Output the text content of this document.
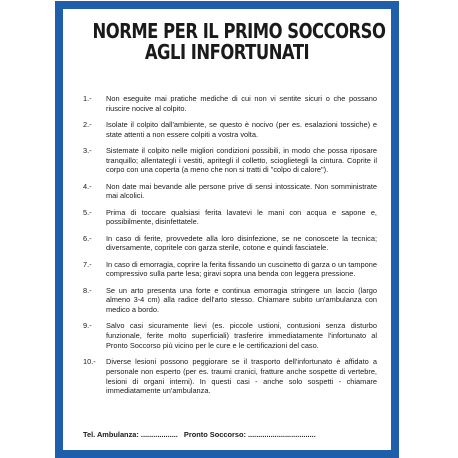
NORME PER IL PRIMO SOCCORSO
AGLI INFORTUNATI
1.-	Non eseguite mai pratiche mediche di cui non vi sentite sicuri o che possano riuscire nocive al colpito.
2.-	Isolate il colpito dall'ambiente, se questo è nocivo (per es. esalazioni tossiche) e state attenti a non essere colpiti a vostra volta.
3.-	Sistemate il colpito nelle migliori condizioni possibili, in modo che possa riposare tranquillo; allentategli i vestiti, apritegli il colletto, scioglietegli la cintura. Coprite il corpo con una coperta (a meno che non si tratti di "colpo di calore").
4.-	Non date mai bevande alle persone prive di sensi intossicate. Non somministrate mai alcolici.
5.-	Prima di toccare qualsiasi ferita lavatevi le mani con acqua e sapone e, possibilmente, disinfettatele.
6.-	In caso di ferite, provvedete alla loro disinfezione, se ne conoscete la tecnica; diversamente, copritele con garza sterile, cotone e quindi fasciatele.
7.-	In caso di emorragia, coprire la ferita fissando un cuscinetto di garza o un tampone compressivo sulla parte lesa; giravi sopra una benda con leggera pressione.
8.-	Se un arto presenta una forte e continua emorragia stringere un laccio (largo almeno 3-4 cm) alla radice dell'arto stesso. Chiamare subito un'ambulanza con medico a bordo.
9.-	Salvo casi sicuramente lievi (es. piccole ustioni, contusioni senza disturbo funzionale, ferite molto superficiali) trasferire immediatamente l'infortunato al Pronto Soccorso più vicino per le cure e le certificazioni del caso.
10.-	Diverse lesioni possono peggiorare se il trasporto dell'infortunato è affidato a personale non esperto (per es. traumi cranici, fratture anche sospette di vertebre, lesioni di organi interni). In questi casi - anche solo sospetti - chiamare immediatamente un'ambulanza.
Tel. Ambulanza: .................. Pronto Soccorso: .................................
